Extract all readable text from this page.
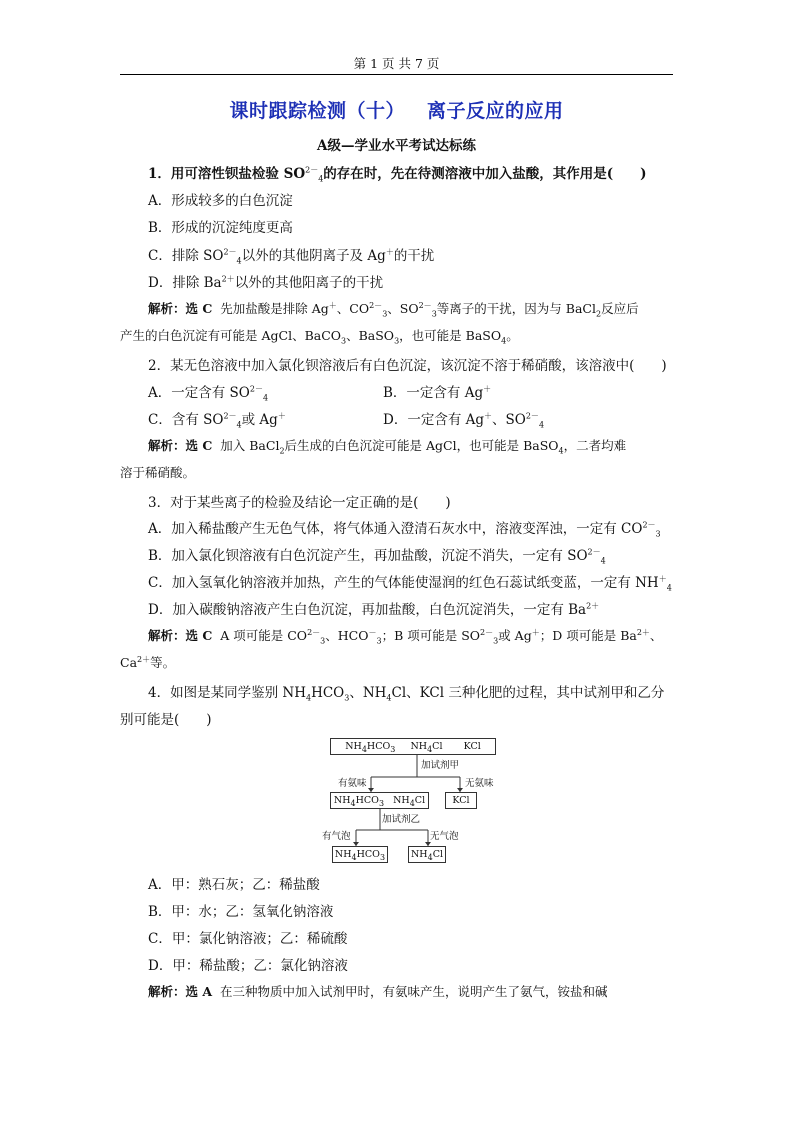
第 1 页 共 7 页
课时跟踪检测（十） 离子反应的应用
A级—学业水平考试达标练
1．用可溶性钡盐检验 $SO^{2-}_4$的存在时，先在待测溶液中加入盐酸，其作用是(　　)
A．形成较多的白色沉淀
B．形成的沉淀纯度更高
C．排除 $SO^{2-}_4$以外的其他阴离子及 Ag＋的干扰
D．排除 $Ba^{2+}$以外的其他阳离子的干扰
解析：选 C 先加盐酸是排除 Ag＋、$CO^{2-}_3$、$SO^{2-}_3$等离子的干扰，因为与 BaCl$_2$反应后
产生的白色沉淀有可能是 AgCl、BaCO$_3$、BaSO$_3$，也可能是 BaSO$_4$。
2．某无色溶液中加入氯化钡溶液后有白色沉淀，该沉淀不溶于稀硝酸，该溶液中(　　)
A．一定含有 $SO^{2-}_4$	B．一定含有 Ag＋
C．含有 $SO^{2-}_4$或 Ag＋	D．一定含有 Ag＋、$SO^{2-}_4$
解析：选 C 加入 BaCl$_2$后生成的白色沉淀可能是 AgCl，也可能是 BaSO$_4$，二者均难
溶于稀硝酸。
3．对于某些离子的检验及结论一定正确的是(　　)
A．加入稀盐酸产生无色气体，将气体通入澄清石灰水中，溶液变浑浊，一定有 $CO^{2-}_3$
B．加入氯化钡溶液有白色沉淀产生，再加盐酸，沉淀不消失，一定有 $SO^{2-}_4$
C．加入氢氧化钠溶液并加热，产生的气体能使湿润的红色石蕊试纸变蓝，一定有 $NH^+_4$
D．加入碳酸钠溶液产生白色沉淀，再加盐酸，白色沉淀消失，一定有 $Ba^{2+}$
解析：选 C A 项可能是 $CO^{2-}_3$、$HCO^-_3$；B 项可能是 $SO^{2-}_3$或 Ag＋；D 项可能是 $Ba^{2+}$、
$Ca^{2+}$等。
4．如图是某同学鉴别 $NH_4HCO_3$、$NH_4Cl$、KCl 三种化肥的过程，其中试剂甲和乙分
别可能是(　　)
$NH_4HCO_3$ $NH_4Cl$ KCl
加试剂甲
有氨味	无氨味
$NH_4HCO_3$ $NH_4Cl$	KCl
加试剂乙
有气泡	无气泡
$NH_4HCO_3$	$NH_4Cl$
A．甲：熟石灰；乙：稀盐酸
B．甲：水；乙：氢氧化钠溶液
C．甲：氯化钠溶液；乙：稀硫酸
D．甲：稀盐酸；乙：氯化钠溶液
解析：选 A 在三种物质中加入试剂甲时，有氨味产生，说明产生了氨气，铵盐和碱
